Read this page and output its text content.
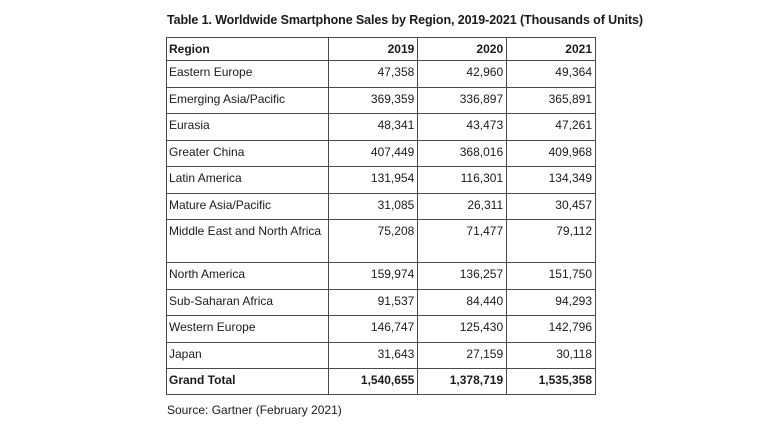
Table 1. Worldwide Smartphone Sales by Region, 2019-2021 (Thousands of Units)
Region	2019	2020	2021
Eastern Europe	47,358	42,960	49,364
Emerging Asia/Pacific	369,359	336,897	365,891
Eurasia	48,341	43,473	47,261
Greater China	407,449	368,016	409,968
Latin America	131,954	116,301	134,349
Mature Asia/Pacific	31,085	26,311	30,457
Middle East and North Africa	75,208	71,477	79,112
North America	159,974	136,257	151,750
Sub-Saharan Africa	91,537	84,440	94,293
Western Europe	146,747	125,430	142,796
Japan	31,643	27,159	30,118
Grand Total	1,540,655	1,378,719	1,535,358
Source: Gartner (February 2021)
